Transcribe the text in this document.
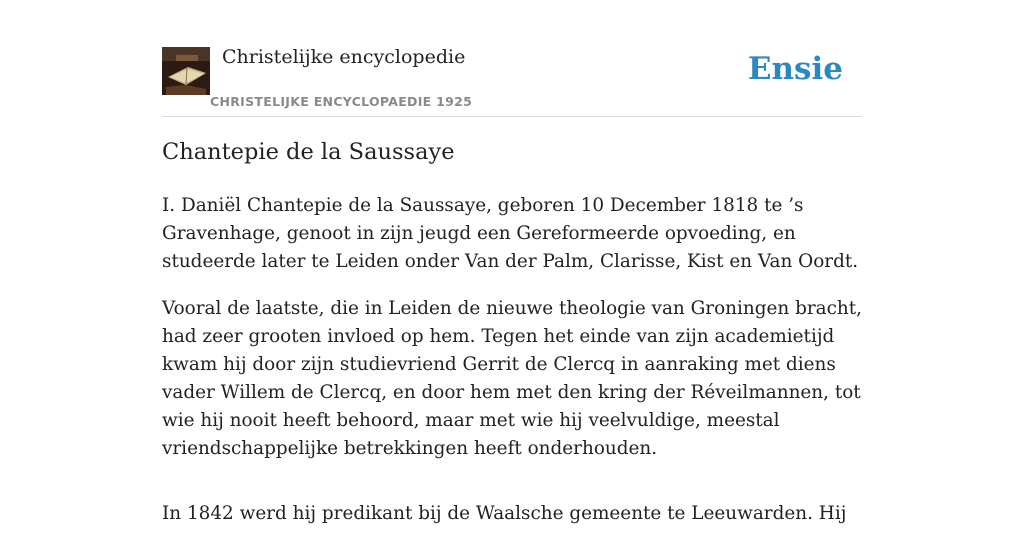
Christelijke encyclopedie
CHRISTELIJKE ENCYCLOPAEDIE 1925
Ensie
Chantepie de la Saussaye

I. Daniël Chantepie de la Saussaye, geboren 10 December 1818 te ’s Gravenhage, genoot in zijn jeugd een Gereformeerde opvoeding, en studeerde later te Leiden onder Van der Palm, Clarisse, Kist en Van Oordt.

Vooral de laatste, die in Leiden de nieuwe theologie van Groningen bracht, had zeer grooten invloed op hem. Tegen het einde van zijn academietijd kwam hij door zijn studievriend Gerrit de Clercq in aanraking met diens vader Willem de Clercq, en door hem met den kring der Réveilmannen, tot wie hij nooit heeft behoord, maar met wie hij veelvuldige, meestal vriendschappelijke betrekkingen heeft onderhouden.

In 1842 werd hij predikant bij de Waalsche gemeente te Leeuwarden. Hij
